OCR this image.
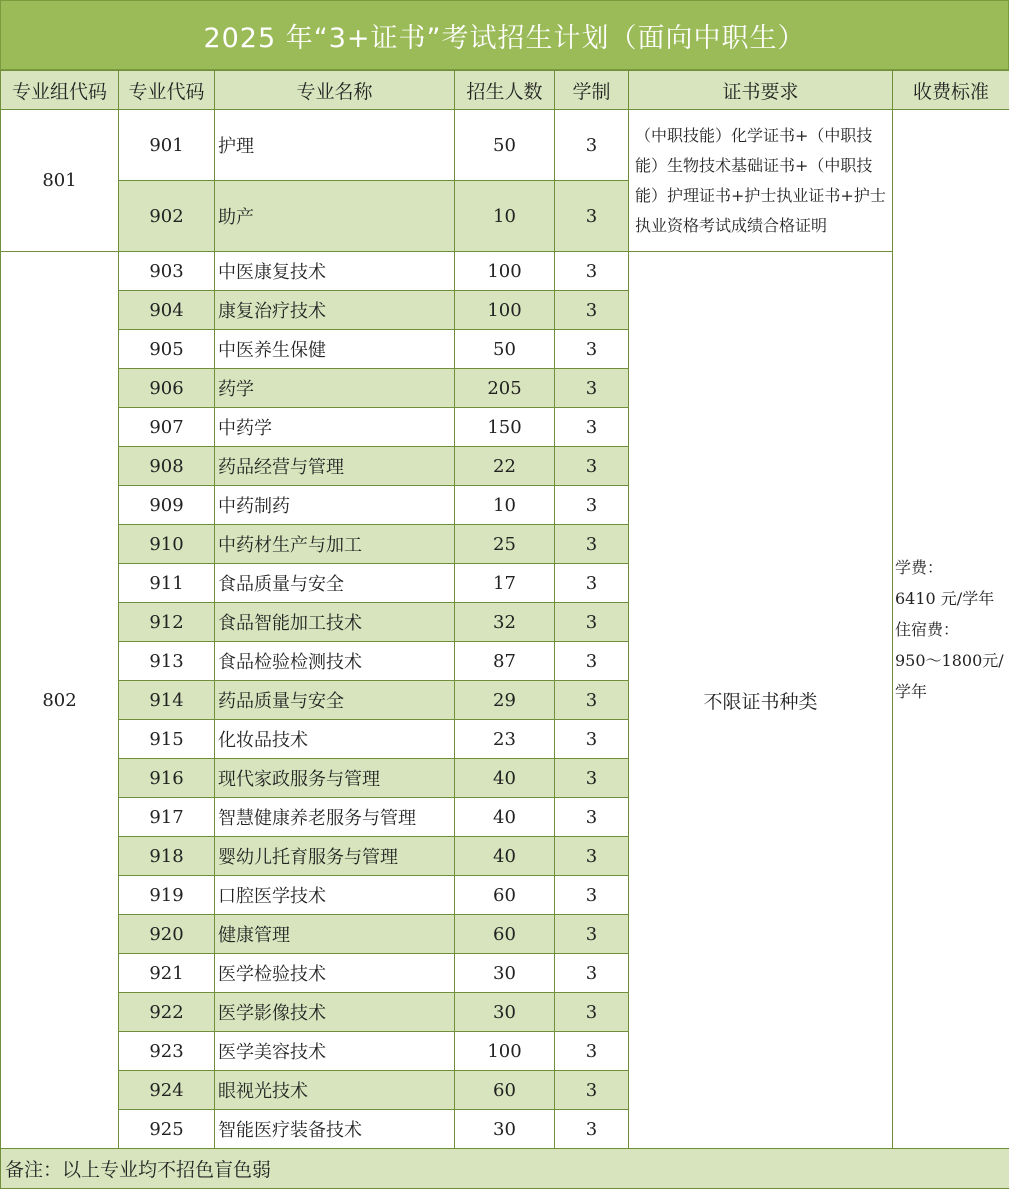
2025 年“3+证书”考试招生计划（面向中职生）
专业组代码	专业代码	专业名称	招生人数	学制	证书要求	收费标准
801	901	护理	50	3	（中职技能）化学证书+（中职技能）生物技术基础证书+（中职技能）护理证书+护士执业证书+护士执业资格考试成绩合格证明	学费：
6410 元/学年
住宿费：
950～1800元/
学年

	902	助产	10	3		
802	903	中医康复技术	100	3	不限证书种类	
	904	康复治疗技术	100	3		
	905	中医养生保健	50	3		
	906	药学	205	3		
	907	中药学	150	3		
	908	药品经营与管理	22	3		
	909	中药制药	10	3		
	910	中药材生产与加工	25	3		
	911	食品质量与安全	17	3		
	912	食品智能加工技术	32	3		
	913	食品检验检测技术	87	3		
	914	药品质量与安全	29	3		
	915	化妆品技术	23	3		
	916	现代家政服务与管理	40	3		
	917	智慧健康养老服务与管理	40	3		
	918	婴幼儿托育服务与管理	40	3		
	919	口腔医学技术	60	3		
	920	健康管理	60	3		
	921	医学检验技术	30	3		
	922	医学影像技术	30	3		
	923	医学美容技术	100	3		
	924	眼视光技术	60	3		
	925	智能医疗装备技术	30	3		
备注：以上专业均不招色盲色弱						
